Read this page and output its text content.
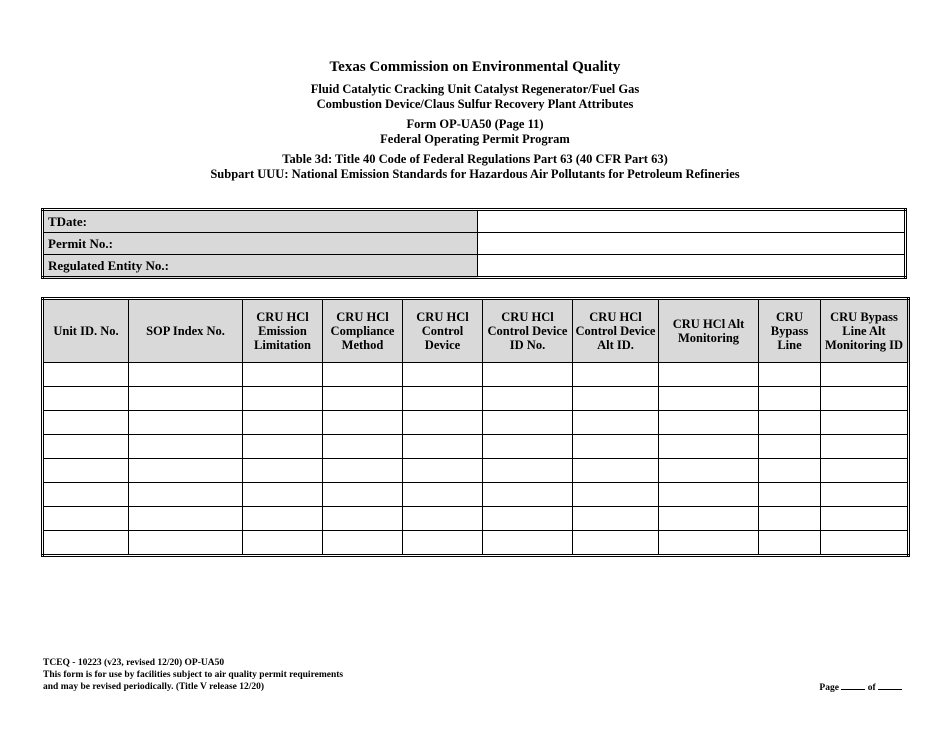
Texas Commission on Environmental Quality
Fluid Catalytic Cracking Unit Catalyst Regenerator/Fuel Gas
Combustion Device/Claus Sulfur Recovery Plant Attributes
Form OP-UA50 (Page 11)
Federal Operating Permit Program
Table 3d: Title 40 Code of Federal Regulations Part 63 (40 CFR Part 63)
Subpart UUU: National Emission Standards for Hazardous Air Pollutants for Petroleum Refineries
TDate:	
Permit No.:	
Regulated Entity No.:	
Unit ID. No.	SOP Index No.	CRU HCl Emission Limitation	CRU HCl Compliance Method	CRU HCl Control Device	CRU HCl Control Device ID No.	CRU HCl Control Device Alt ID.	CRU HCl Alt Monitoring	CRU Bypass Line	CRU Bypass Line Alt Monitoring ID

TCEQ - 10223 (v23, revised 12/20) OP-UA50
This form is for use by facilities subject to air quality permit requirements
and may be revised periodically. (Title V release 12/20)	Page	of
